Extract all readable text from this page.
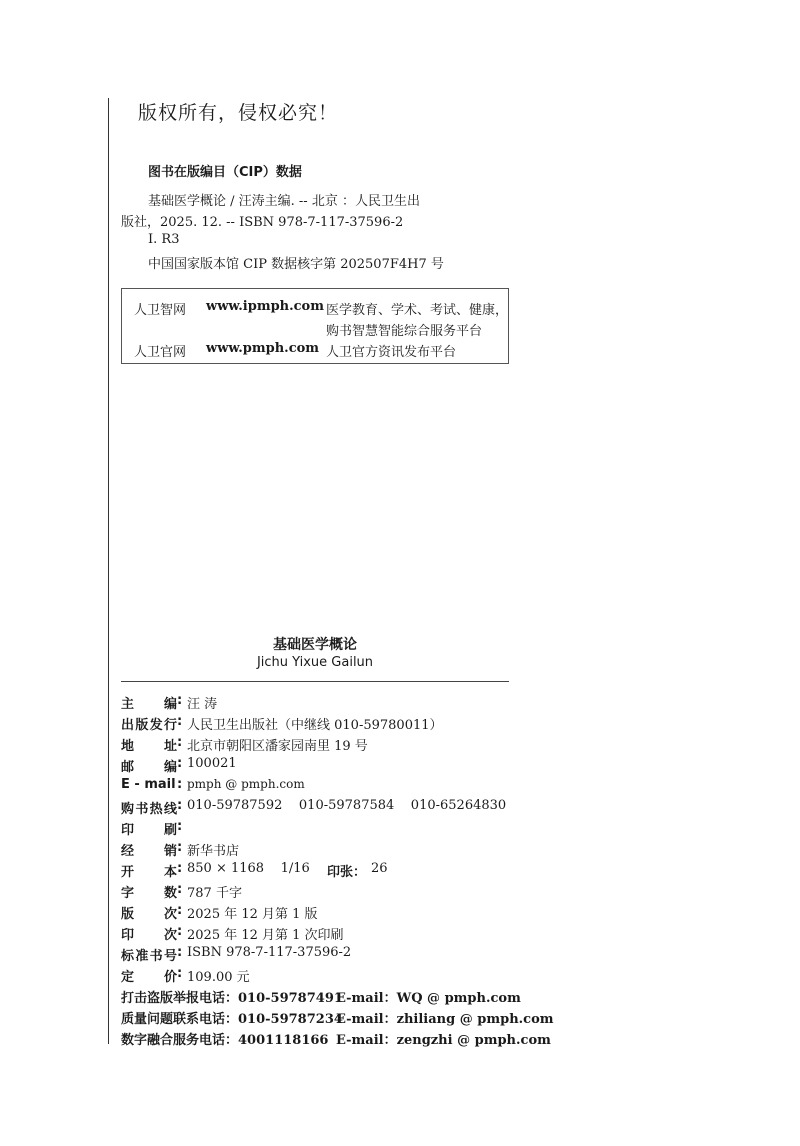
版权所有，侵权必究！
图书在版编目（CIP）数据
基础医学概论 / 汪涛主编. -- 北京 ：人民卫生出
版社，2025. 12. -- ISBN 978-7-117-37596-2
Ⅰ. R3
中国国家版本馆 CIP 数据核字第 202507F4H7 号
人卫智网 www.ipmph.com 医学教育、学术、考试、健康，
购书智慧智能综合服务平台
人卫官网 www.pmph.com 人卫官方资讯发布平台
基础医学概论
Jichu Yixue Gailun
主编 : 汪 涛
出版发行 : 人民卫生出版社（中继线 010-59780011）
地址 : 北京市朝阳区潘家园南里 19 号
邮编 : 100021
E - mail : pmph @ pmph.com
购书热线 : 010-59787592    010-59787584    010-65264830
印刷 :
经销 : 新华书店
开本 : 850 × 1168    1/16 印张： 26
字数 : 787 千字
版次 : 2025 年 12 月第 1 版
印次 : 2025 年 12 月第 1 次印刷
标准书号 : ISBN 978-7-117-37596-2
定价 : 109.00 元
打击盗版举报电话：010-59787491
E-mail：WQ @ pmph.com
质量问题联系电话：010-59787234
E-mail：zhiliang @ pmph.com
数字融合服务电话：4001118166 E-mail：zengzhi @ pmph.com
